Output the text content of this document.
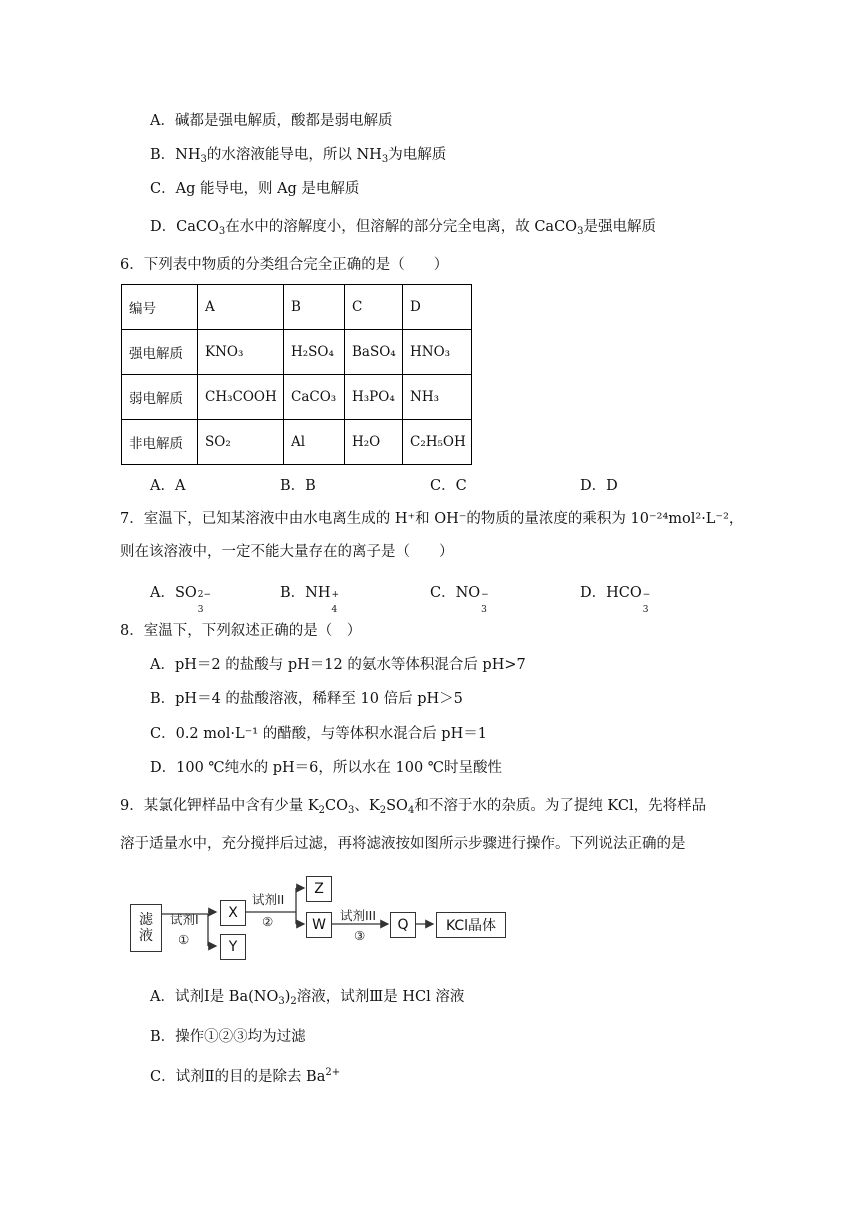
A．碱都是强电解质，酸都是弱电解质
B．$NH_3$的水溶液能导电，所以 $NH_3$为电解质
C．Ag 能导电，则 Ag 是电解质
D．CaCO$_3$在水中的溶解度小，但溶解的部分完全电离，故 CaCO$_3$是强电解质
6．下列表中物质的分类组合完全正确的是（　　）
编号	A	B	C	D
强电解质	KNO₃	H₂SO₄	BaSO₄	HNO₃
弱电解质	CH₃COOH	CaCO₃	H₃PO₄	NH₃
非电解质	SO₂	Al	H₂O	C₂H₅OH
A．A	B．B	C．C	D．D
7．室温下，已知某溶液中由水电离生成的 H⁺和 OH⁻的物质的量浓度的乘积为 10⁻²⁴mol²·L⁻²，
则在该溶液中，一定不能大量存在的离子是（　　）
A．SO 2−
3
B．NH +
4
C．NO −
3
D．HCO −
3
8．室温下，下列叙述正确的是（　）
A．pH＝2 的盐酸与 pH＝12 的氨水等体积混合后 pH>7
B．pH＝4 的盐酸溶液，稀释至 10 倍后 pH＞5
C．0.2 mol·L⁻¹ 的醋酸，与等体积水混合后 pH＝1
D．100 ℃纯水的 pH＝6，所以水在 100 ℃时呈酸性
9．某氯化钾样品中含有少量 $K_2CO_3$、$K_2SO_4$和不溶于水的杂质。为了提纯 KCl，先将样品
溶于适量水中，充分搅拌后过滤，再将滤液按如图所示步骤进行操作。下列说法正确的是
滤液
试剂I
①
X
Y
试剂II
②
Z
W
试剂III
③
Q	KCl晶体
A．试剂Ⅰ是 $Ba(NO_3)_2$溶液，试剂Ⅲ是 HCl 溶液
B．操作①②③均为过滤
C．试剂Ⅱ的目的是除去 $Ba^{2+}$
